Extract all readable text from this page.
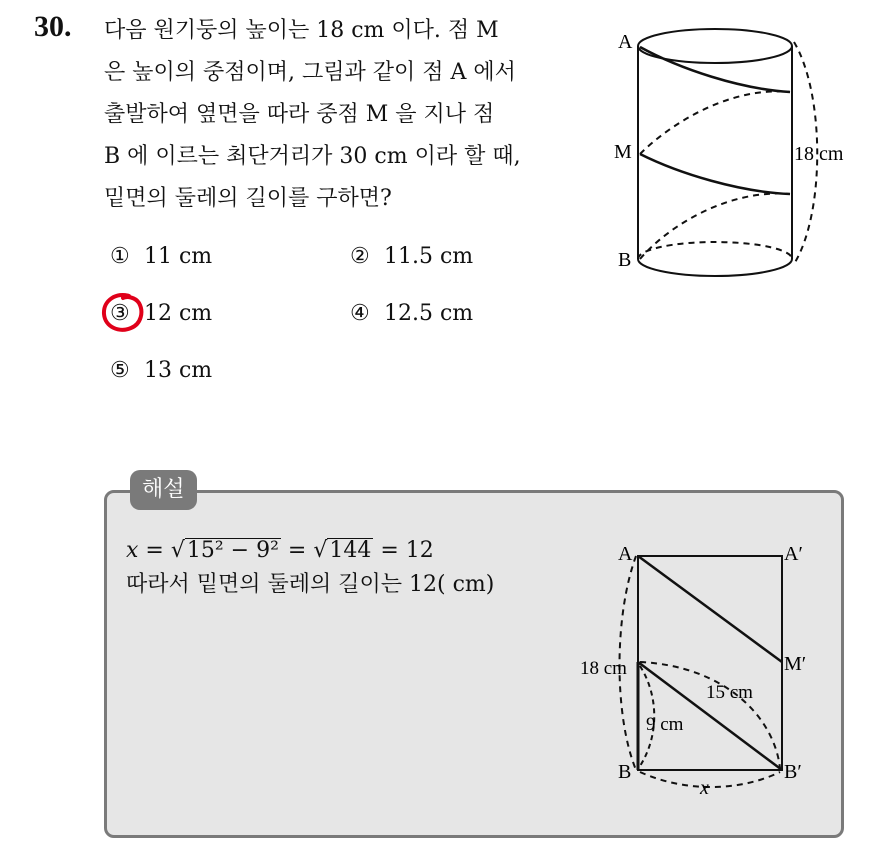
30. 다음 원기둥의 높이는 18 cm 이다. 점 M
은 높이의 중점이며, 그림과 같이 점 A 에서
출발하여 옆면을 따라 중점 M 을 지나 점
B 에 이르는 최단거리가 30 cm 이라 할 때,
밑면의 둘레의 길이를 구하면?
① 11 cm	② 11.5 cm
③ 12 cm	④ 12.5 cm
⑤ 13 cm
A
M
B
18 cm
해설
x = √15² − 9² = √144 = 12
따라서 밑면의 둘레의 길이는 12( cm)
A	A′
M′
B	B′
18 cm
15 cm
9 cm
x
